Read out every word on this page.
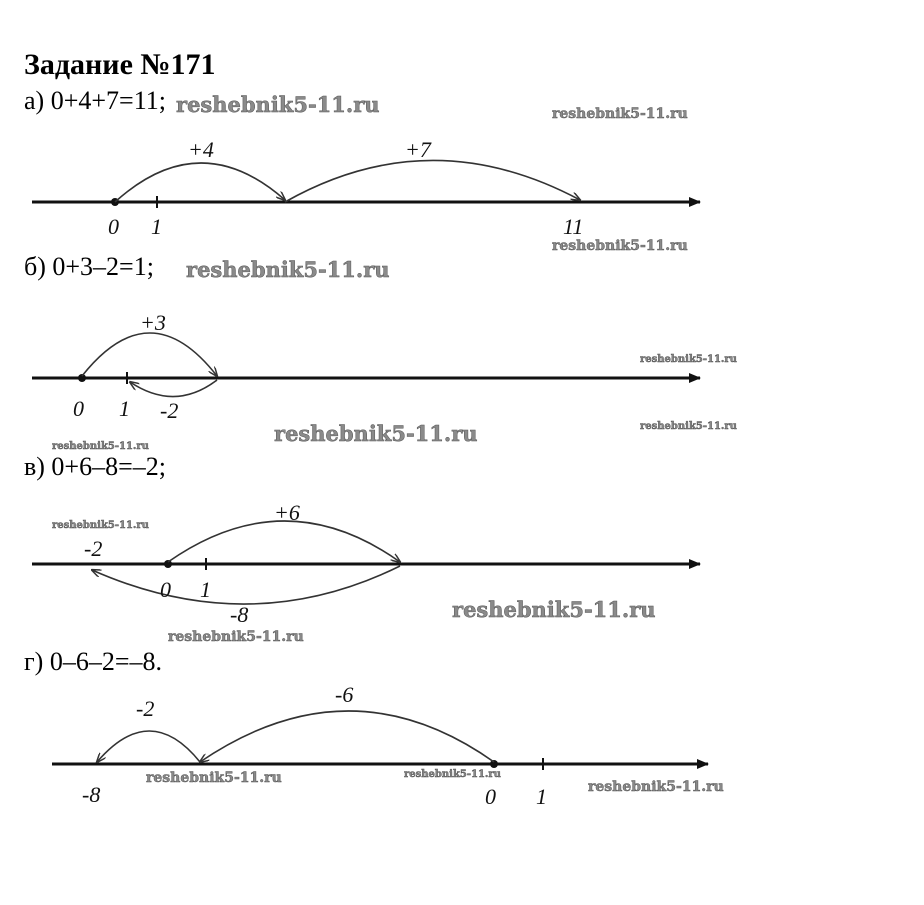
Задание №171
а) 0+4+7=11;
б) 0+3–2=1;
в) 0+6–8=–2;
г) 0–6–2=–8.
0 1	11
+4	+7
0 1
+3
-2
-2
0 1
+6
-8
-8	0 1
-2
-6
reshebnik5-11.ru	reshebnik5-11.ru
reshebnik5-11.ru
reshebnik5-11.ru
reshebnik5-11.ru
reshebnik5-11.ru
reshebnik5-11.ru
reshebnik5-11.ru
reshebnik5-11.ru
reshebnik5-11.ru
reshebnik5-11.ru
reshebnik5-11.ru	reshebnik5-11.ru
reshebnik5-11.ru
